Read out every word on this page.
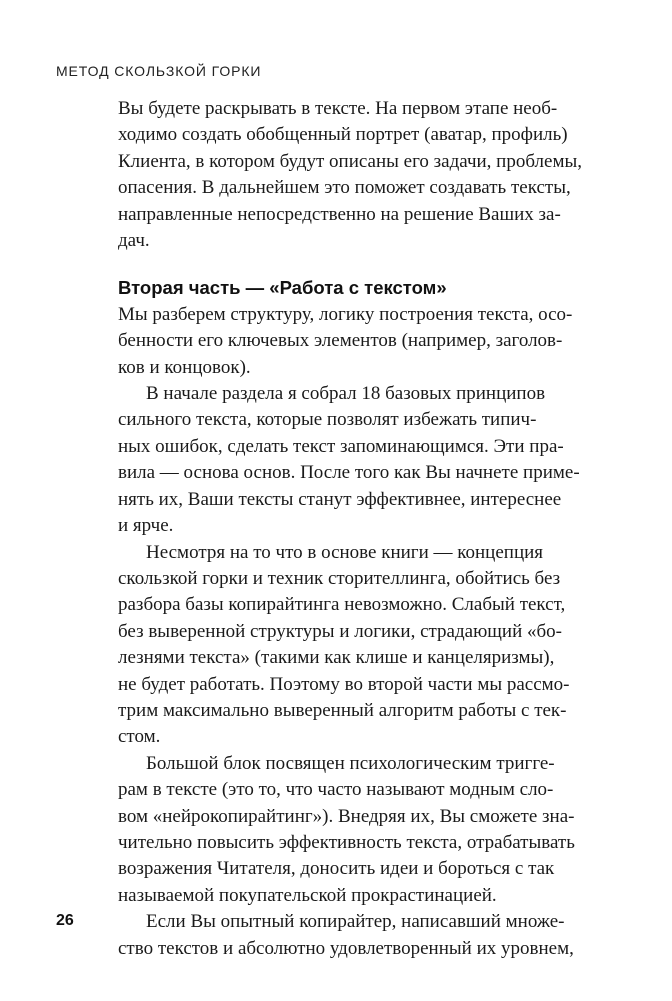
МЕТОД СКОЛЬЗКОЙ ГОРКИ
Вы будете раскрывать в тексте. На первом этапе необ-
ходимо создать обобщенный портрет (аватар, профиль)
Клиента, в котором будут описаны его задачи, проблемы,
опасения. В дальнейшем это поможет создавать тексты,
направленные непосредственно на решение Ваших за-
дач.
Вторая часть — «Работа с текстом»
Мы разберем структуру, логику построения текста, осо-
бенности его ключевых элементов (например, заголов-
ков и концовок).
В начале раздела я собрал 18 базовых принципов
сильного текста, которые позволят избежать типич-
ных ошибок, сделать текст запоминающимся. Эти пра-
вила — основа основ. После того как Вы начнете приме-
нять их, Ваши тексты станут эффективнее, интереснее
и ярче.
Несмотря на то что в основе книги — концепция
скользкой горки и техник сторителлинга, обойтись без
разбора базы копирайтинга невозможно. Слабый текст,
без выверенной структуры и логики, страдающий «бо-
лезнями текста» (такими как клише и канцеляризмы),
не будет работать. Поэтому во второй части мы рассмо-
трим максимально выверенный алгоритм работы с тек-
стом.
Большой блок посвящен психологическим тригге-
рам в тексте (это то, что часто называют модным сло-
вом «нейрокопирайтинг»). Внедряя их, Вы сможете зна-
чительно повысить эффективность текста, отрабатывать
возражения Читателя, доносить идеи и бороться с так
называемой покупательской прокрастинацией.
Если Вы опытный копирайтер, написавший множе-
ство текстов и абсолютно удовлетворенный их уровнем,
26
